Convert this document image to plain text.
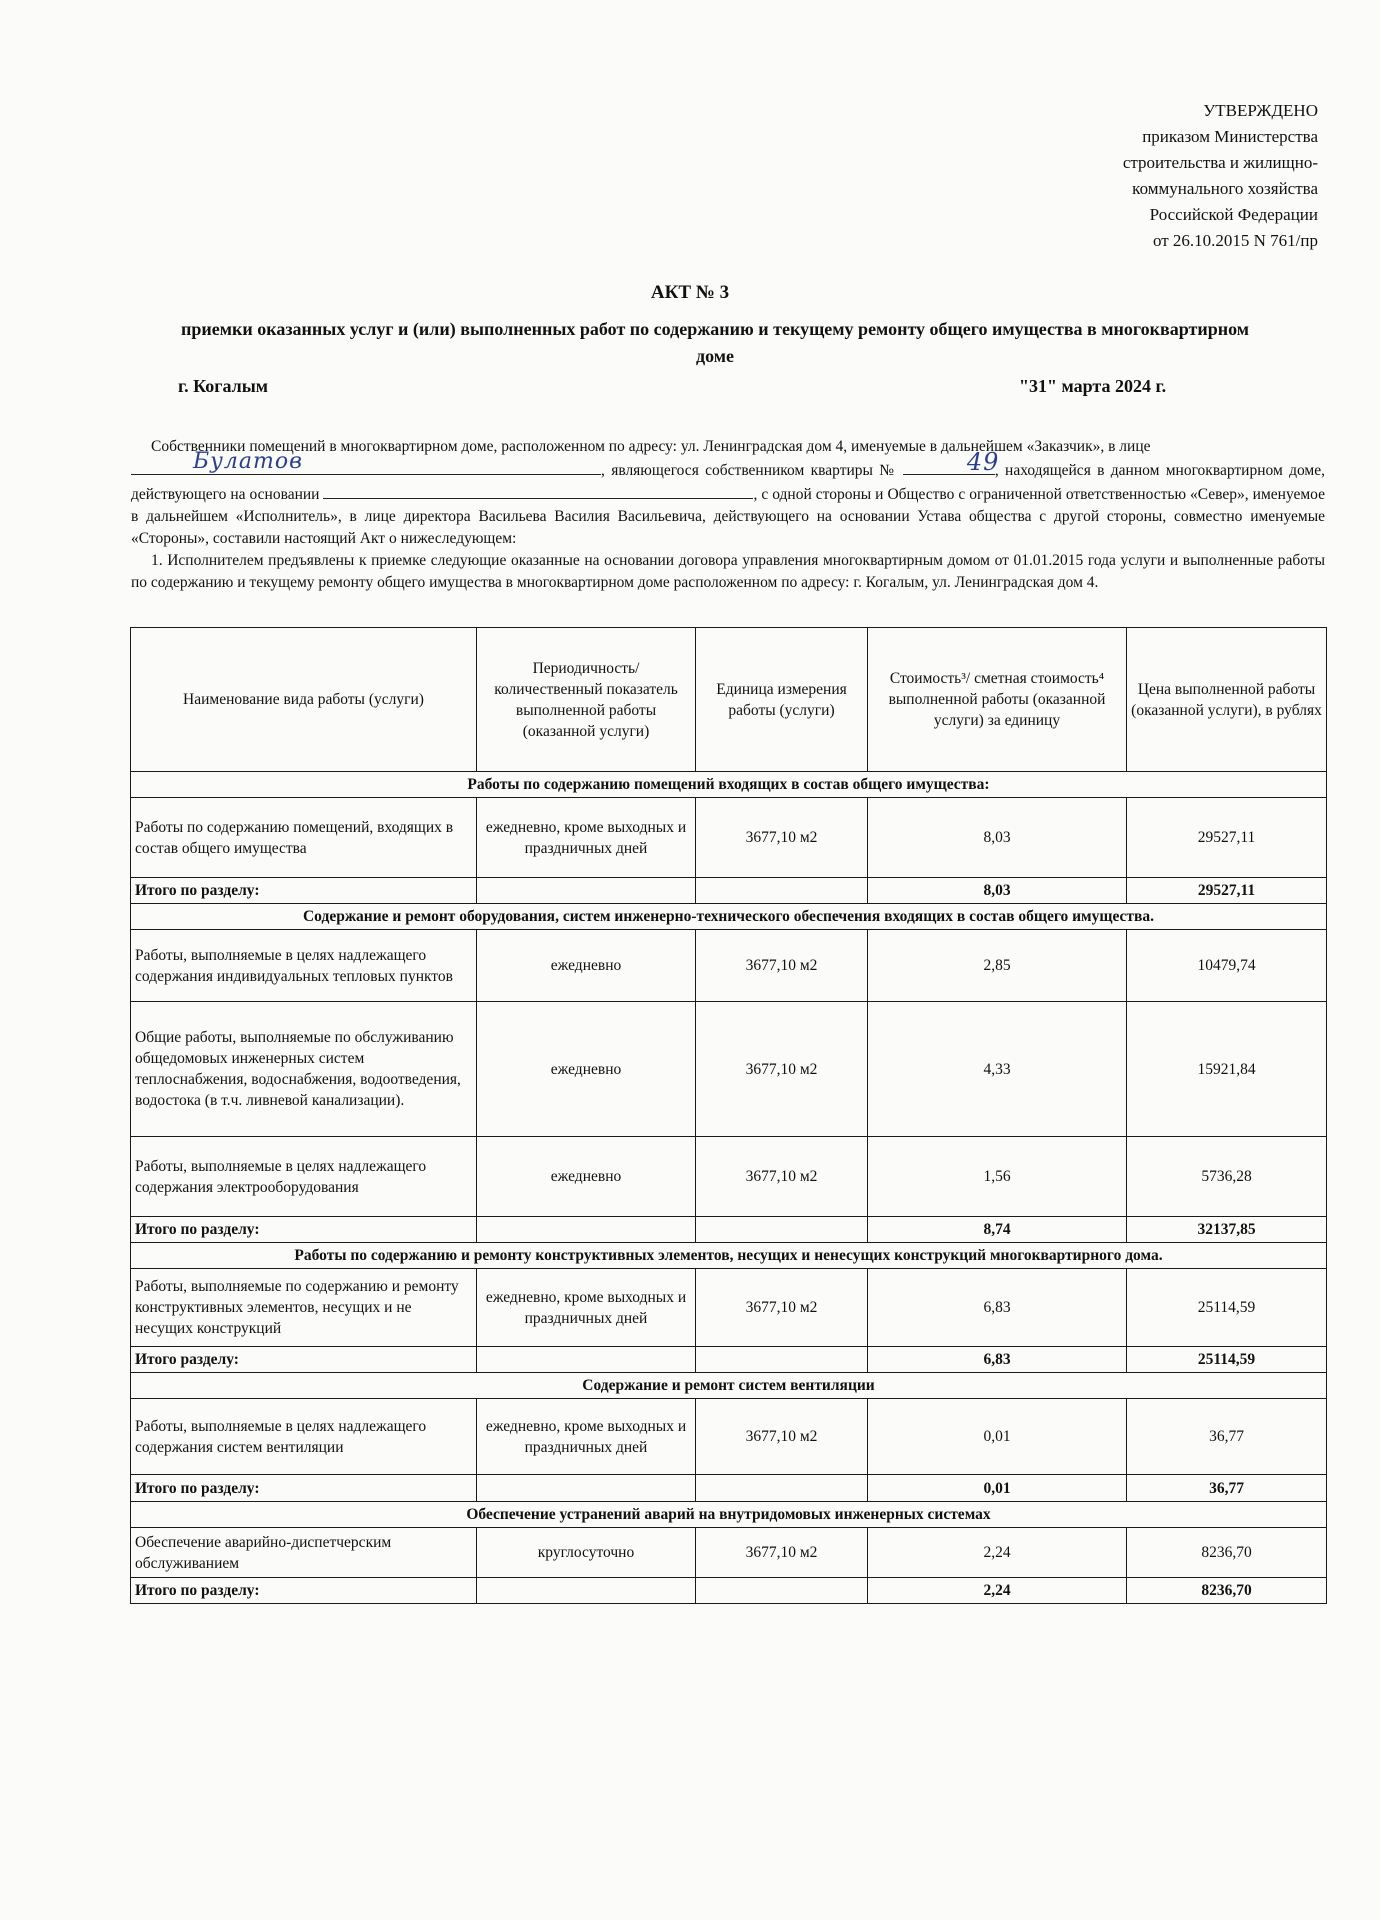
УТВЕРЖДЕНО
приказом Министерства
строительства и жилищно-
коммунального хозяйства
Российской Федерации
от 26.10.2015 N 761/пр
АКТ № 3
приемки оказанных услуг и (или) выполненных работ по содержанию и текущему ремонту общего имущества в многоквартирном доме
г. Когалым	"31" марта 2024 г.

Собственники помещений в многоквартирном доме, расположенном по адресу: ул. Ленинградская дом 4, именуемые в дальнейшем «Заказчик», в лице

Булатов	, являющегося собственником квартиры №	49
, находящейся в данном многоквартирном доме, действующего на основании	, с одной стороны и Общество с ограниченной ответственностью «Север», именуемое в дальнейшем «Исполнитель», в лице директора Васильева Василия Васильевича, действующего на основании Устава общества с другой стороны, совместно именуемые «Стороны», составили настоящий Акт о нижеследующем:

1. Исполнителем предъявлены к приемке следующие оказанные на основании договора управления многоквартирным домом от 01.01.2015 года услуги и выполненные работы по содержанию и текущему ремонту общего имущества в многоквартирном доме расположенном по адресу: г. Когалым, ул. Ленинградская дом 4.

Наименование вида работы (услуги)	Периодичность/ количественный показатель выполненной работы (оказанной услуги)	Единица измерения работы (услуги)	Стоимость³/ сметная стоимость⁴ выполненной работы (оказанной услуги) за единицу	Цена выполненной работы (оказанной услуги), в рублях
Работы по содержанию помещений входящих в состав общего имущества:				
Работы по содержанию помещений, входящих в состав общего имущества	ежедневно, кроме выходных и праздничных дней	3677,10 м2	8,03	29527,11
Итого по разделу:			8,03	29527,11
Содержание и ремонт оборудования, систем инженерно-технического обеспечения входящих в состав общего имущества.				
Работы, выполняемые в целях надлежащего содержания индивидуальных тепловых пунктов	ежедневно	3677,10 м2	2,85	10479,74
Общие работы, выполняемые по обслуживанию общедомовых инженерных систем теплоснабжения, водоснабжения, водоотведения, водостока (в т.ч. ливневой канализации).	ежедневно	3677,10 м2	4,33	15921,84
Работы, выполняемые в целях надлежащего содержания электрооборудования	ежедневно	3677,10 м2	1,56	5736,28
Итого по разделу:			8,74	32137,85
Работы по содержанию и ремонту конструктивных элементов, несущих и ненесущих конструкций многоквартирного дома.				
Работы, выполняемые по содержанию и ремонту конструктивных элементов, несущих и не несущих конструкций	ежедневно, кроме выходных и праздничных дней	3677,10 м2	6,83	25114,59
Итого разделу:			6,83	25114,59
Содержание и ремонт систем вентиляции				
Работы, выполняемые в целях надлежащего содержания систем вентиляции	ежедневно, кроме выходных и праздничных дней	3677,10 м2	0,01	36,77
Итого по разделу:			0,01	36,77
Обеспечение устранений аварий на внутридомовых инженерных системах				
Обеспечение аварийно-диспетчерским обслуживанием	круглосуточно	3677,10 м2	2,24	8236,70
Итого по разделу:			2,24	8236,70
